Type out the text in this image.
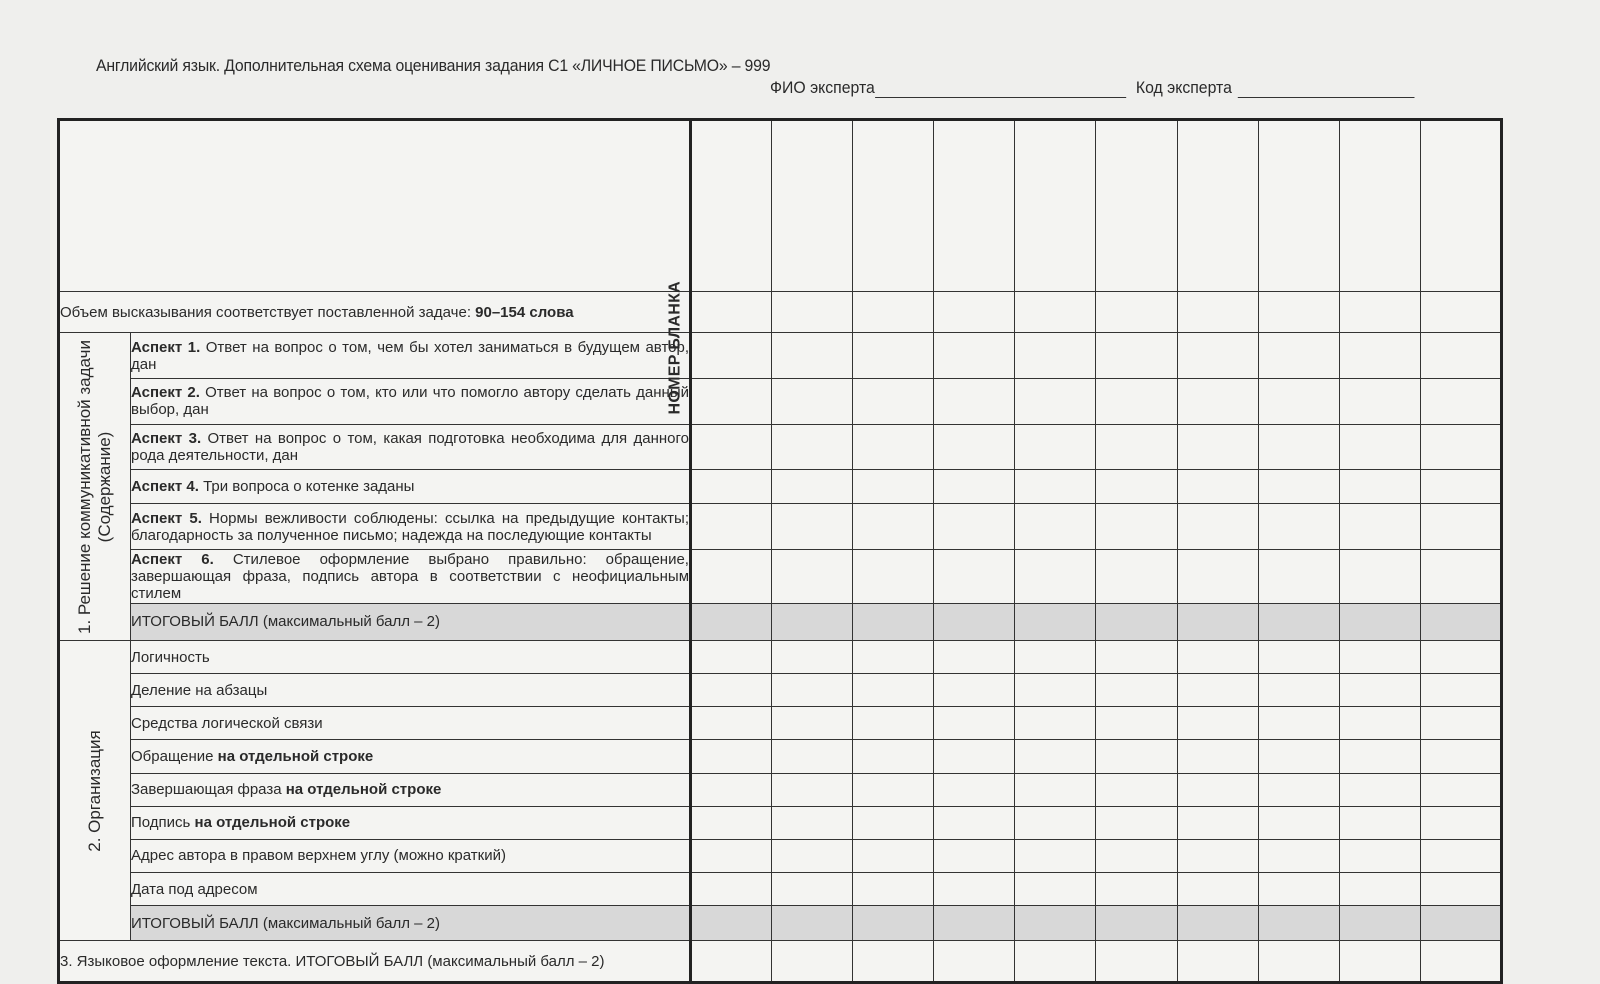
Английский язык. Дополнительная схема оценивания задания С1 «ЛИЧНОЕ ПИСЬМО» – 999
ФИО эксперта	Код эксперта
НОМЕР БЛАНКА											

Объем высказывания соответствует поставленной задаче: 90–154 слова											

1. Решение коммуникативной задачи (Содержание)	Аспект 1. Ответ на вопрос о том, чем бы хотел заниматься в будущем автор, дан										

	Аспект 2. Ответ на вопрос о том, кто или что помогло автору сделать данный выбор, дан										

	Аспект 3. Ответ на вопрос о том, какая подготовка необходима для данного рода деятельности, дан										

	Аспект 4. Три вопроса о котенке заданы										

	Аспект 5. Нормы вежливости соблюдены: ссылка на предыдущие контакты; благодарность за полученное письмо; надежда на последующие контакты										

	Аспект 6. Стилевое оформление выбрано правильно: обращение, завершающая фраза, подпись автора в соответствии с неофициальным стилем										

	ИТОГОВЫЙ БАЛЛ (максимальный балл – 2)										

2. Организация	Логичность										

	Деление на абзацы										

	Средства логической связи										

	Обращение на отдельной строке										

	Завершающая фраза на отдельной строке										

	Подпись на отдельной строке										

	Адрес автора в правом верхнем углу (можно краткий)										

	Дата под адресом										

	ИТОГОВЫЙ БАЛЛ (максимальный балл – 2)										
3. Языковое оформление текста. ИТОГОВЫЙ БАЛЛ (максимальный балл – 2)											
